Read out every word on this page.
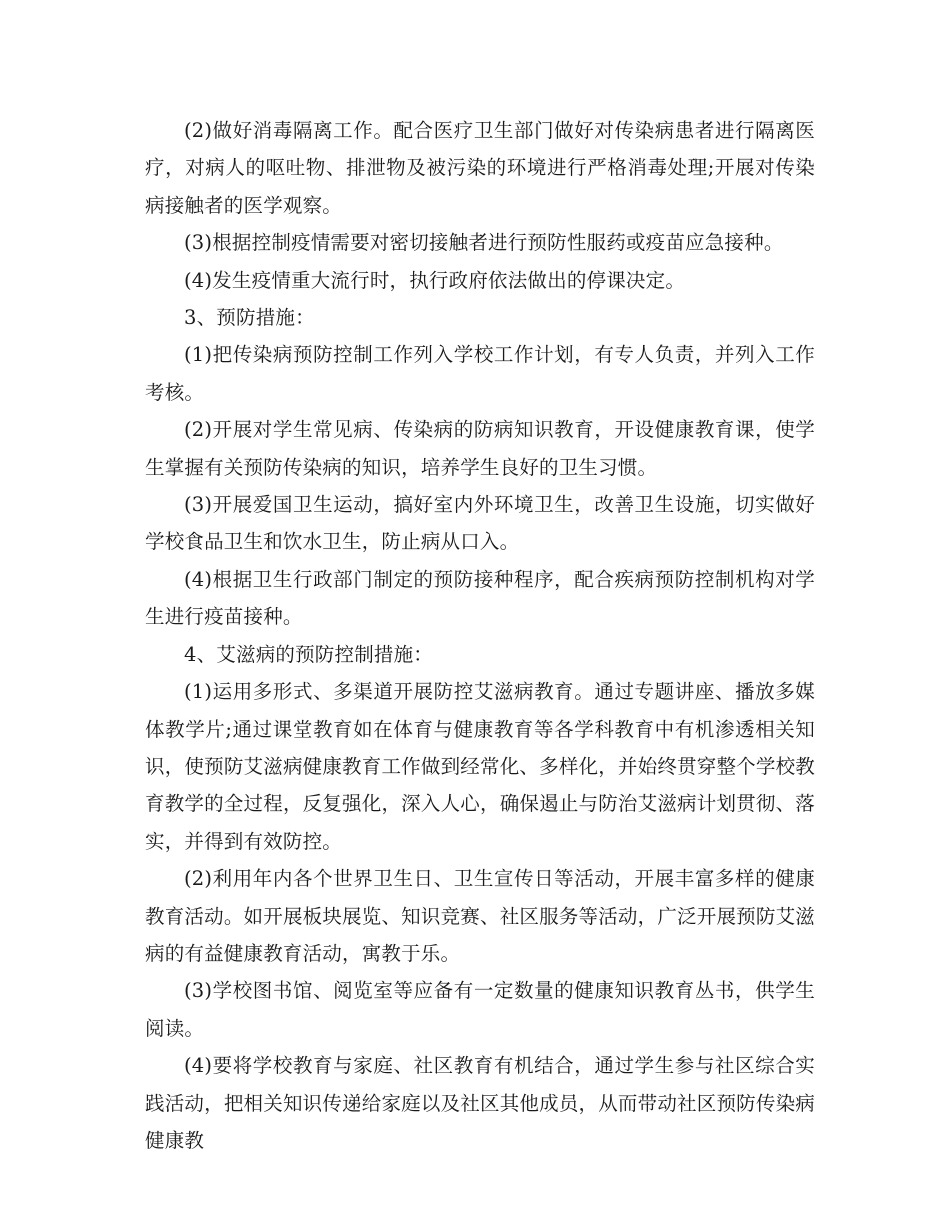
(2)做好消毒隔离工作。配合医疗卫生部门做好对传染病患者进行隔离医疗，对病人的呕吐物、排泄物及被污染的环境进行严格消毒处理;开展对传染病接触者的医学观察。

(3)根据控制疫情需要对密切接触者进行预防性服药或疫苗应急接种。

(4)发生疫情重大流行时，执行政府依法做出的停课决定。

3、预防措施：

(1)把传染病预防控制工作列入学校工作计划，有专人负责，并列入工作考核。

(2)开展对学生常见病、传染病的防病知识教育，开设健康教育课，使学生掌握有关预防传染病的知识，培养学生良好的卫生习惯。

(3)开展爱国卫生运动，搞好室内外环境卫生，改善卫生设施，切实做好学校食品卫生和饮水卫生，防止病从口入。

(4)根据卫生行政部门制定的预防接种程序，配合疾病预防控制机构对学生进行疫苗接种。

4、艾滋病的预防控制措施：

(1)运用多形式、多渠道开展防控艾滋病教育。通过专题讲座、播放多媒体教学片;通过课堂教育如在体育与健康教育等各学科教育中有机渗透相关知识，使预防艾滋病健康教育工作做到经常化、多样化，并始终贯穿整个学校教育教学的全过程，反复强化，深入人心，确保遏止与防治艾滋病计划贯彻、落实，并得到有效防控。

(2)利用年内各个世界卫生日、卫生宣传日等活动，开展丰富多样的健康教育活动。如开展板块展览、知识竞赛、社区服务等活动，广泛开展预防艾滋病的有益健康教育活动，寓教于乐。

(3)学校图书馆、阅览室等应备有一定数量的健康知识教育丛书，供学生阅读。

(4)要将学校教育与家庭、社区教育有机结合，通过学生参与社区综合实践活动，把相关知识传递给家庭以及社区其他成员，从而带动社区预防传染病健康教
